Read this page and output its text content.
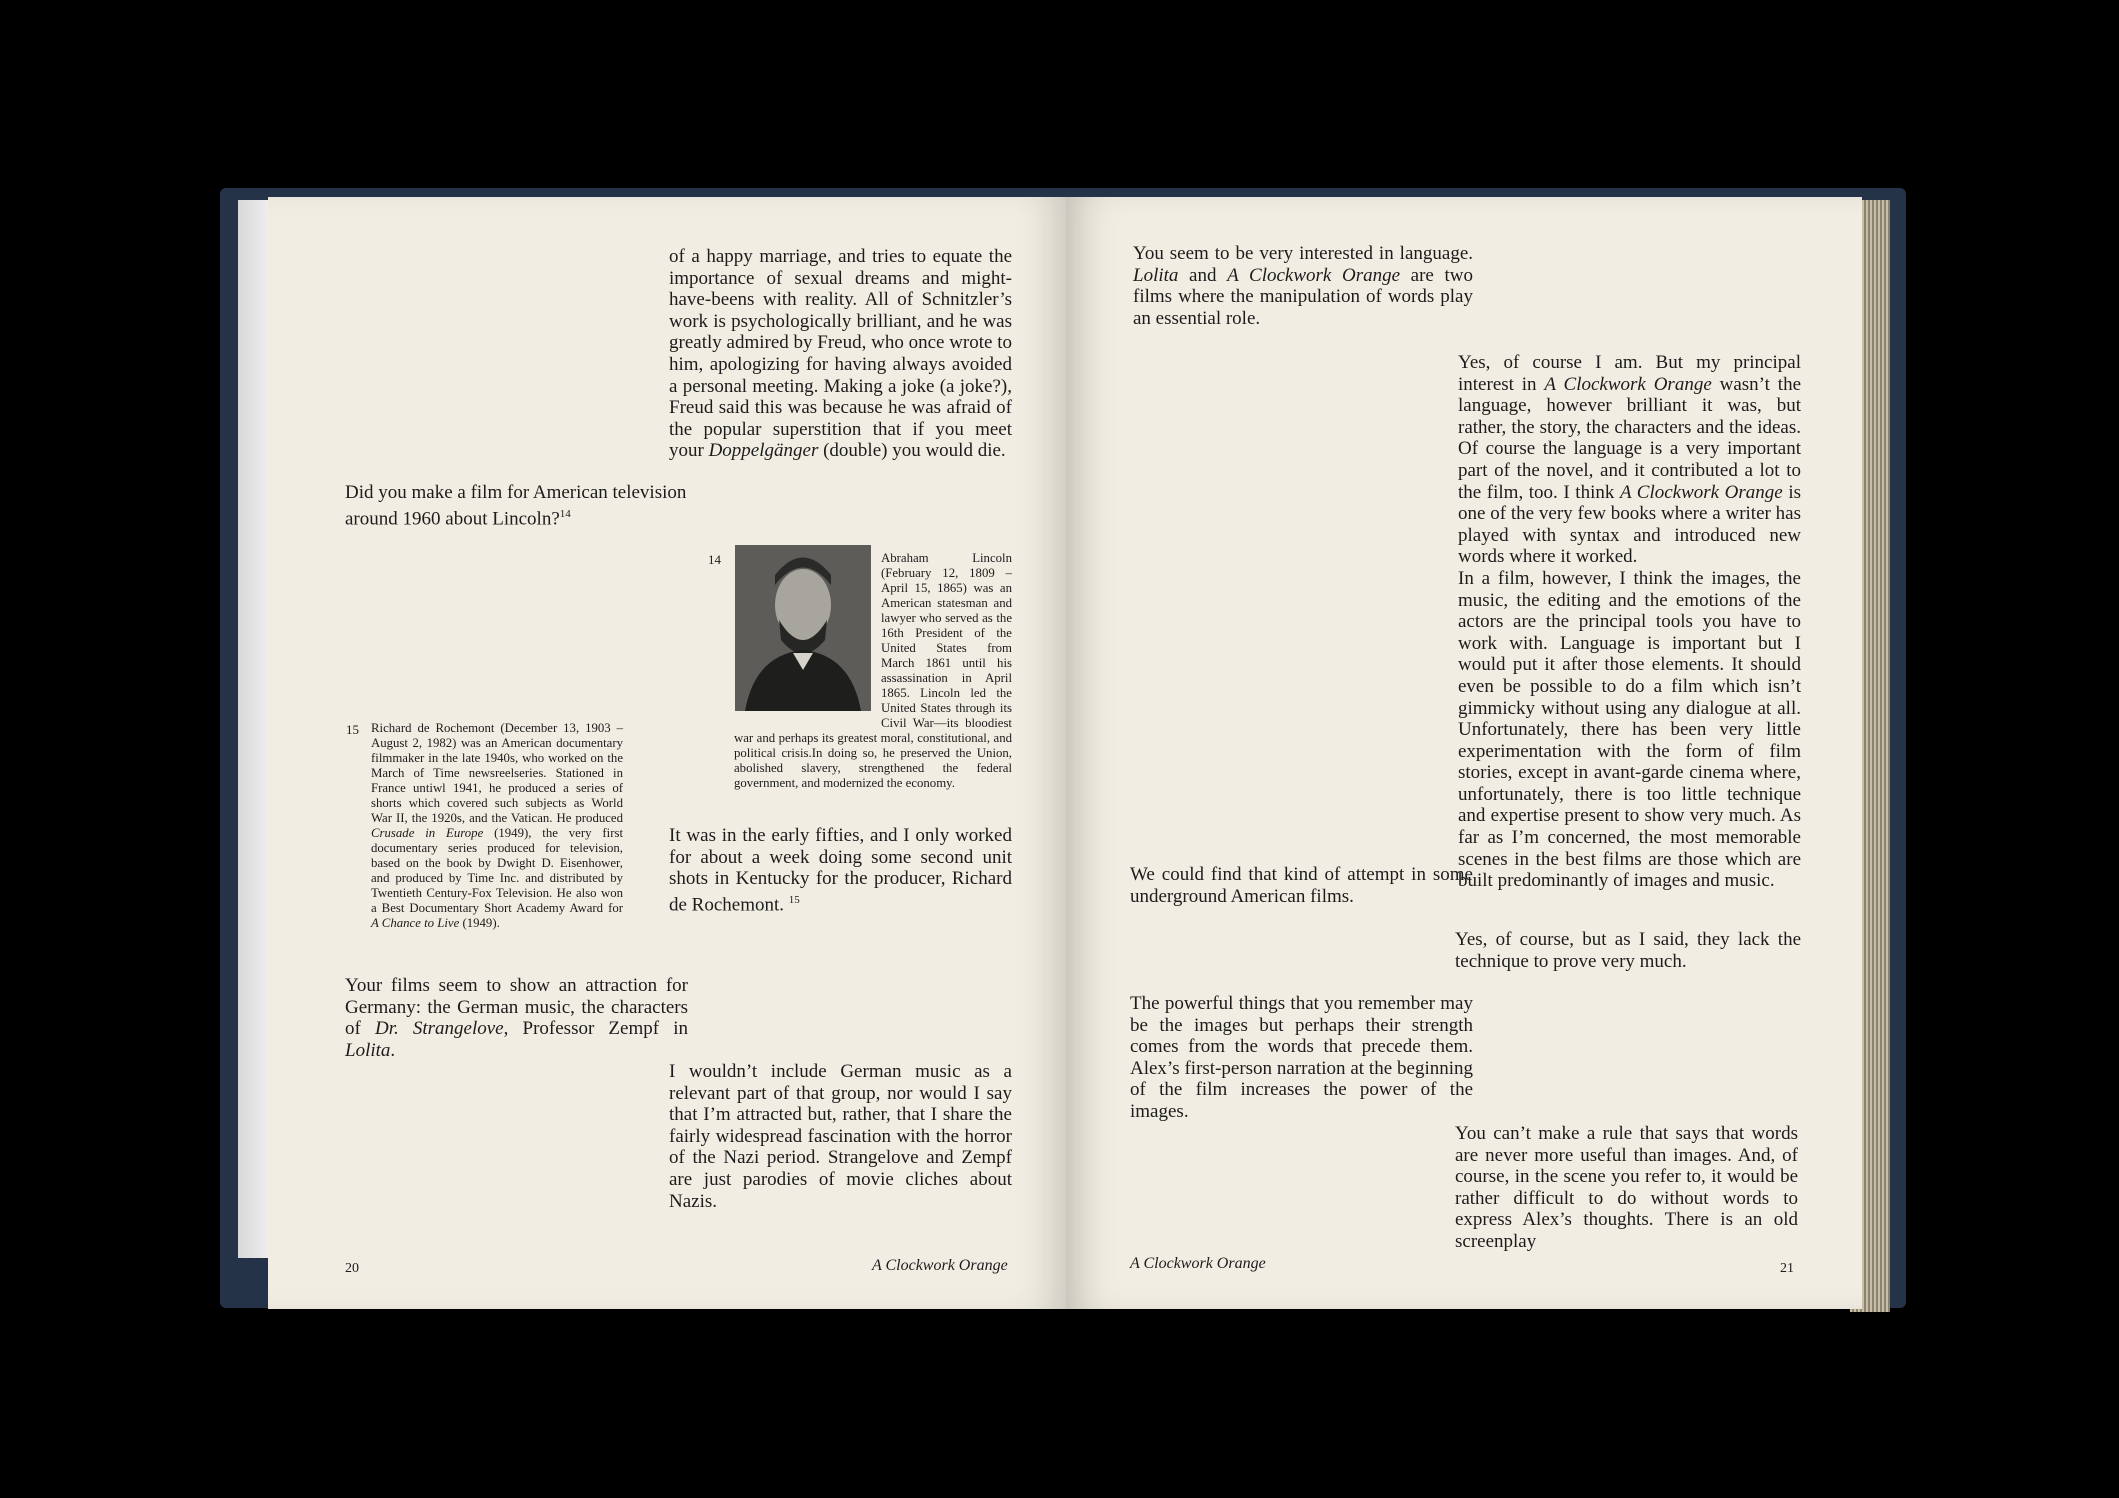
of a happy marriage, and tries to equate the importance of sexual dreams and might-have-beens with reality. All of Schnitzler’s work is psychologically brilliant, and he was greatly admired by Freud, who once wrote to him, apologizing for having always avoided a personal meeting. Making a joke (a joke?), Freud said this was because he was afraid of the popular superstition that if you meet your Doppelgänger (double) you would die.
Did you make a film for American television around 1960 about Lincoln?$^{14}$
14	Abraham Lincoln (February 12, 1809 – April 15, 1865) was an American statesman and lawyer who served as the 16th President of the United States from March 1861 until his assassination in April 1865. Lincoln led the United States through its Civil War—its bloodiest war and perhaps its greatest moral, constitutional, and political crisis.In doing so, he preserved the Union, abolished slavery, strengthened the federal government, and modernized the economy.
15 Richard de Rochemont (December 13, 1903 – August 2, 1982) was an American documentary filmmaker in the late 1940s, who worked on the March of Time newsreelseries. Stationed in France untiwl 1941, he produced a series of shorts which covered such subjects as World War II, the 1920s, and the Vatican. He produced Crusade in Europe (1949), the very first documentary series produced for television, based on the book by Dwight D. Eisenhower, and produced by Time Inc. and distributed by Twentieth Century-Fox Television. He also won a Best Documentary Short Academy Award for A Chance to Live (1949).
It was in the early fifties, and I only worked for about a week doing some second unit shots in Kentucky for the producer, Richard de Rochemont. $^{15}$
Your films seem to show an attraction for Germany: the German music, the characters of Dr. Strangelove, Professor Zempf in Lolita.
I wouldn’t include German music as a relevant part of that group, nor would I say that I’m attracted but, rather, that I share the fairly widespread fascination with the horror of the Nazi period. Strangelove and Zempf are just parodies of movie cliches about Nazis.
20	A Clockwork Orange
You seem to be very interested in language. Lolita and A Clockwork Orange are two films where the manipulation of words play an essential role.
Yes, of course I am. But my principal interest in A Clockwork Orange wasn’t the language, however brilliant it was, but rather, the story, the characters and the ideas. Of course the language is a very important part of the novel, and it contributed a lot to the film, too. I think A Clockwork Orange is one of the very few books where a writer has played with syntax and introduced new words where it worked.
In a film, however, I think the images, the music, the editing and the emotions of the actors are the principal tools you have to work with. Language is important but I would put it after those elements. It should even be possible to do a film which isn’t gimmicky without using any dialogue at all. Unfortunately, there has been very little experimentation with the form of film stories, except in avant-garde cinema where, unfortunately, there is too little technique and expertise present to show very much. As far as I’m concerned, the most memorable scenes in the best films are those which are built predominantly of images and music.
We could find that kind of attempt in some underground American films.
Yes, of course, but as I said, they lack the technique to prove very much.
The powerful things that you remember may be the images but perhaps their strength comes from the words that precede them. Alex’s first-person narration at the beginning of the film increases the power of the images.
You can’t make a rule that says that words are never more useful than images. And, of course, in the scene you refer to, it would be rather difficult to do without words to express Alex’s thoughts. There is an old screenplay
A Clockwork Orange	21
